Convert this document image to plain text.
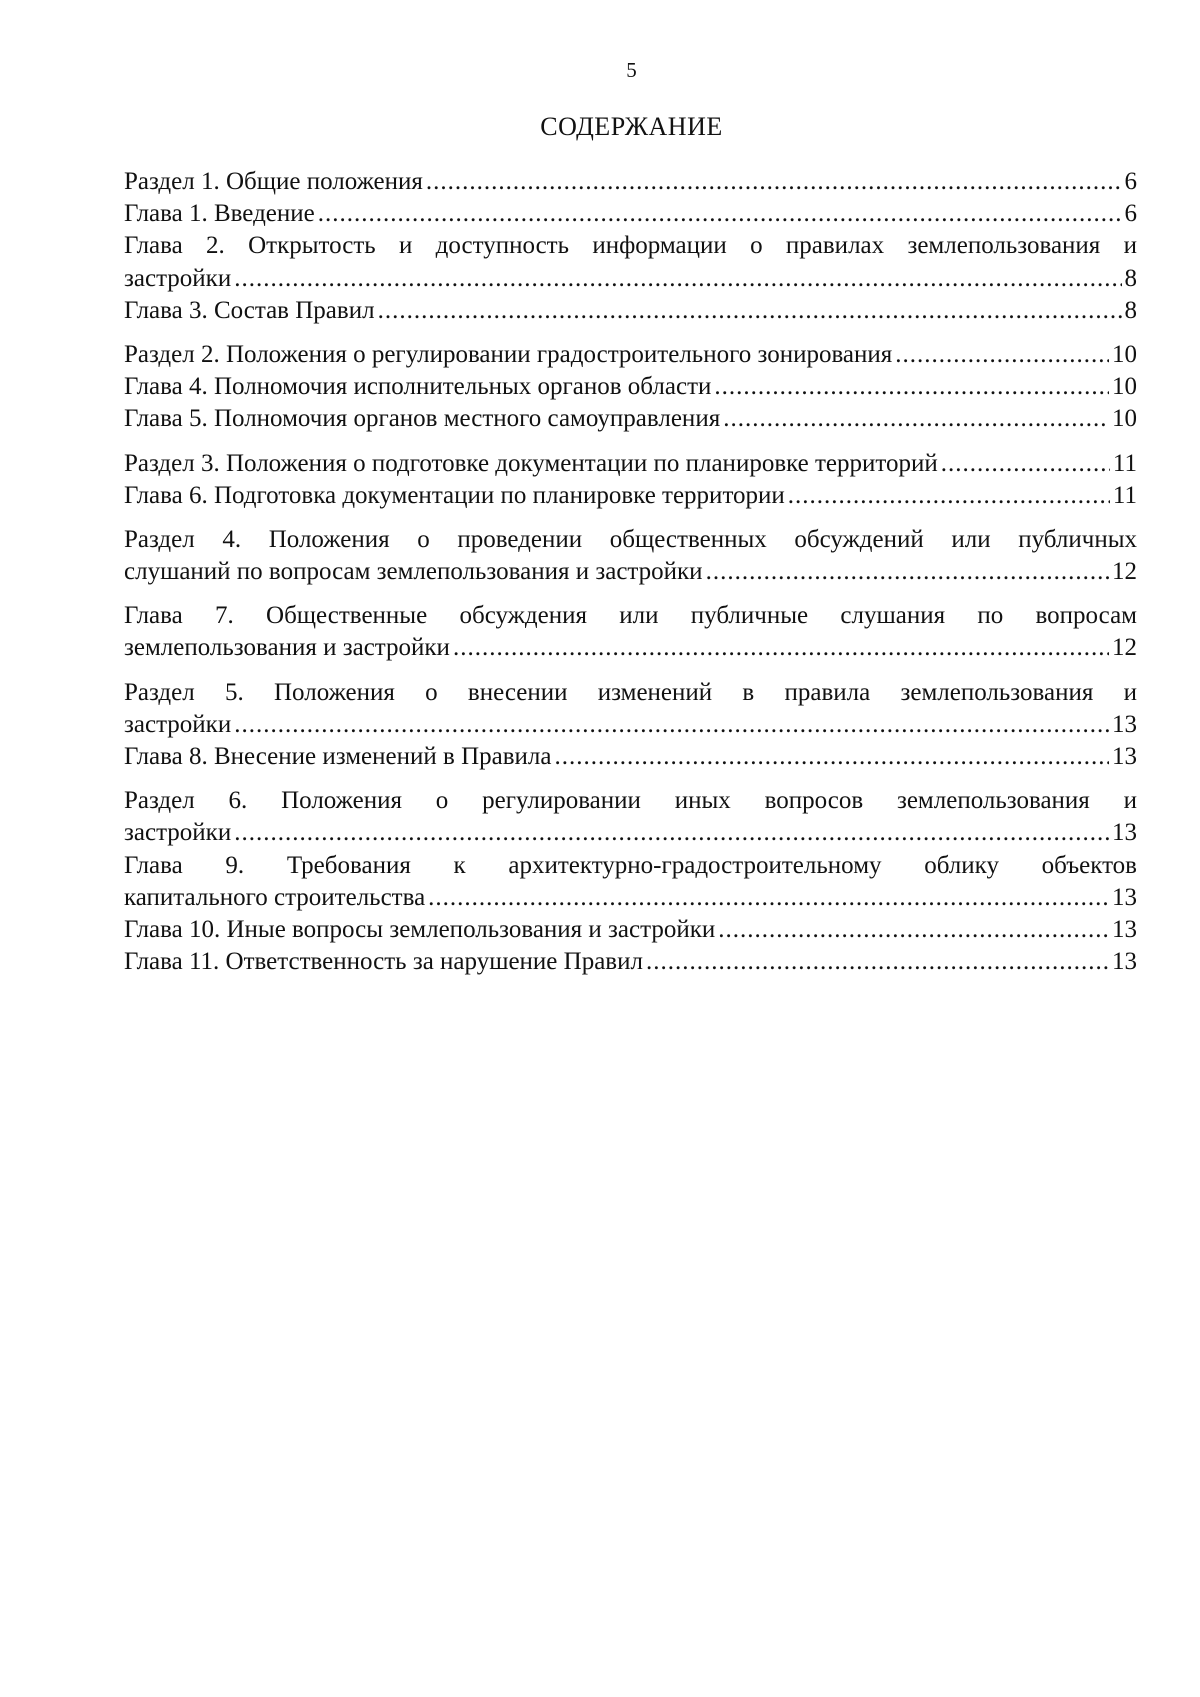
5
СОДЕРЖАНИЕ
Раздел 1. Общие положения .....	6
Глава 1. Введение .....	6
Глава 2. Открытость и доступность информации о правилах землепользования и
застройки .....	8
Глава 3. Состав Правил .....	8
Раздел 2. Положения о регулировании градостроительного зонирования .....	10
Глава 4. Полномочия исполнительных органов области .....	10
Глава 5. Полномочия органов местного самоуправления .....	10
Раздел 3. Положения о подготовке документации по планировке территорий .....	11
Глава 6. Подготовка документации по планировке территории .....	11
Раздел 4. Положения о проведении общественных обсуждений или публичных
слушаний по вопросам землепользования и застройки .....	12
Глава 7. Общественные обсуждения или публичные слушания по вопросам
землепользования и застройки .....	12
Раздел 5. Положения о внесении изменений в правила землепользования и
застройки .....	13
Глава 8. Внесение изменений в Правила .....	13
Раздел 6. Положения о регулировании иных вопросов землепользования и
застройки .....	13
Глава 9. Требования к архитектурно-градостроительному облику объектов
капитального строительства .....	13
Глава 10. Иные вопросы землепользования и застройки .....	13
Глава 11. Ответственность за нарушение Правил .....	13
